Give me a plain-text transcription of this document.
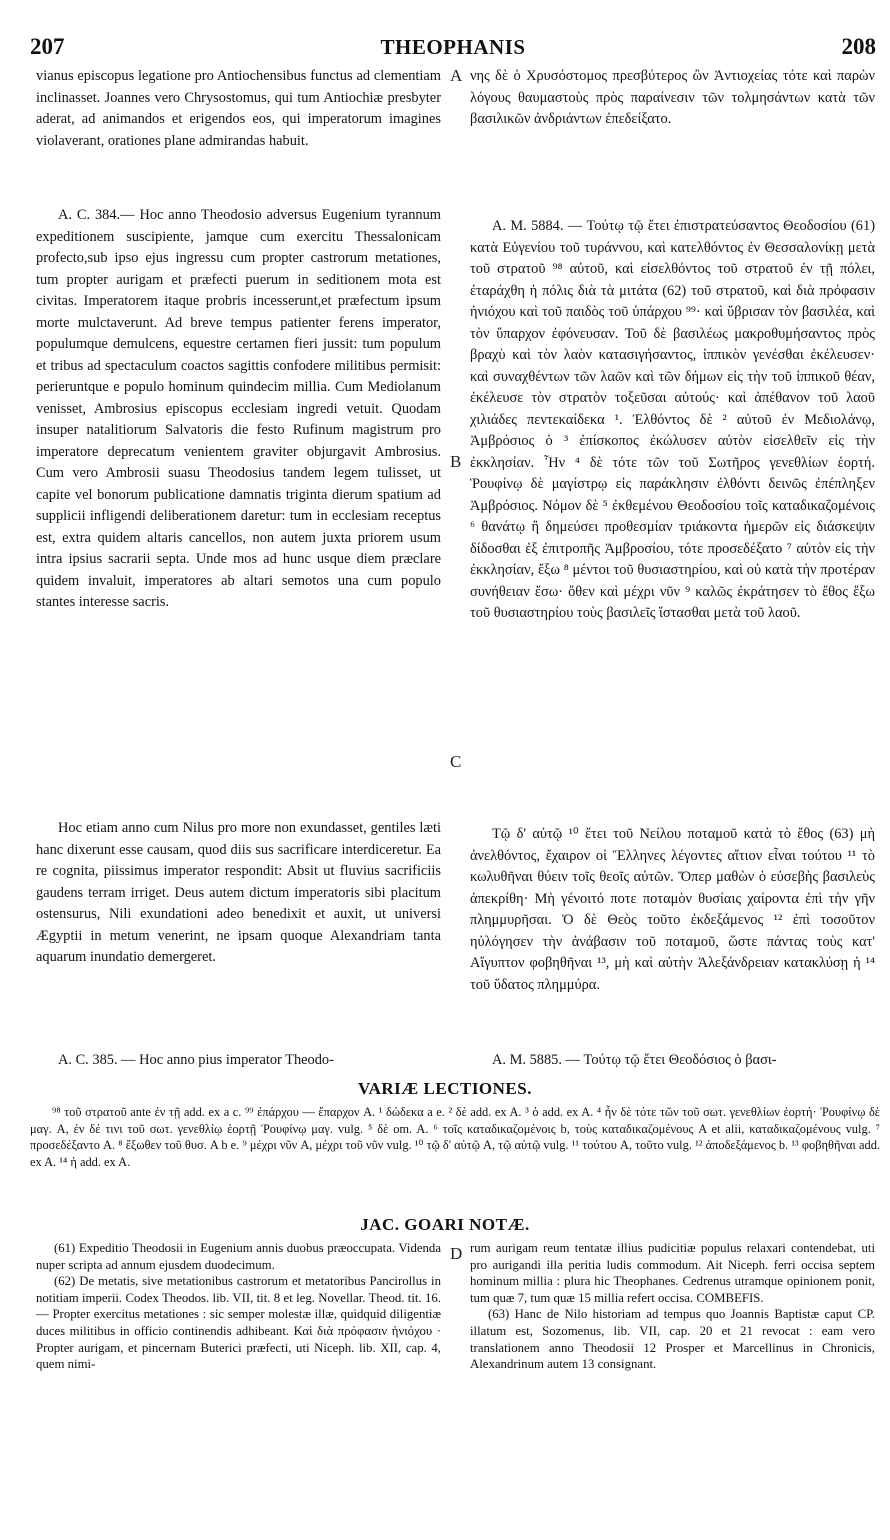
207	THEOPHANIS	208

vianus episcopus legatione pro Antiochensibus functus ad clementiam inclinasset. Joannes vero Chrysostomus, qui tum Antiochiæ presbyter aderat, ad animandos et erigendos eos, qui imperatorum imagines violaverant, orationes plane admirandas habuit.

A. C. 384.— Hoc anno Theodosio adversus Eugenium tyrannum expeditionem suscipiente, jamque cum exercitu Thessalonicam profecto,sub ipso ejus ingressu cum propter castrorum metationes, tum propter aurigam et præfecti puerum in seditionem mota est civitas. Imperatorem itaque probris incesserunt,et præfectum ipsum morte mulctaverunt. Ad breve tempus patienter ferens imperator, populumque demulcens, equestre certamen fieri jussit: tum populum et tribus ad spectaculum coactos sagittis confodere militibus permisit: perieruntque e populo hominum quindecim millia. Cum Mediolanum venisset, Ambrosius episcopus ecclesiam ingredi vetuit. Quodam insuper natalitiorum Salvatoris die festo Rufinum magistrum pro imperatore deprecatum venientem graviter objurgavit Ambrosius. Cum vero Ambrosii suasu Theodosius tandem legem tulisset, ut capite vel bonorum publicatione damnatis triginta dierum spatium ad supplicii infligendi deliberationem daretur: tum in ecclesiam receptus est, extra quidem altaris cancellos, non autem juxta priorem usum intra ipsius sacrarii septa. Unde mos ad hunc usque diem præclare quidem invaluit, imperatores ab altari semotos una cum populo stantes interesse sacris.

Hoc etiam anno cum Nilus pro more non exundasset, gentiles læti hanc dixerunt esse causam, quod diis sus sacrificare interdiceretur. Ea re cognita, piissimus imperator respondit: Absit ut fluvius sacrificiis gaudens terram irriget. Deus autem dictum imperatoris sibi placitum ostensurus, Nili exundationi adeo benedixit et auxit, ut universi Ægyptii in metum venerint, ne ipsam quoque Alexandriam tanta aquarum inundatio demergeret.

A. C. 385. — Hoc anno pius imperator Theodo-

A
B
C
D

νης δὲ ὁ Χρυσόστομος πρεσβύτερος ὢν Ἀντιοχείας τότε καὶ παρὼν λόγους θαυμαστοὺς πρὸς παραίνεσιν τῶν τολμησάντων κατὰ τῶν βασιλικῶν ἀνδριάντων ἐπεδείξατο.

A. M. 5884. — Τούτῳ τῷ ἔτει ἐπιστρατεύσαντος Θεοδοσίου (61) κατὰ Εὐγενίου τοῦ τυράννου, καὶ κατελθόντος ἐν Θεσσαλονίκῃ μετὰ τοῦ στρατοῦ ⁹⁸ αὐτοῦ, καὶ εἰσελθόντος τοῦ στρατοῦ ἐν τῇ πόλει, ἐταράχθη ἡ πόλις διὰ τὰ μιτάτα (62) τοῦ στρατοῦ, καὶ διὰ πρόφασιν ἡνιόχου καὶ τοῦ παιδὸς τοῦ ὑπάρχου ⁹⁹· καὶ ὕβρισαν τὸν βασιλέα, καὶ τὸν ὕπαρχον ἐφόνευσαν. Τοῦ δὲ βασιλέως μακροθυμήσαντος πρὸς βραχὺ καὶ τὸν λαὸν κατασιγήσαντος, ἱππικὸν γενέσθαι ἐκέλευσεν· καὶ συναχθέντων τῶν λαῶν καὶ τῶν δήμων εἰς τὴν τοῦ ἱππικοῦ θέαν, ἐκέλευσε τὸν στρατὸν τοξεῦσαι αὐτούς· καὶ ἀπέθανον τοῦ λαοῦ χιλιάδες πεντεκαίδεκα ¹. Ἐλθόντος δὲ ² αὐτοῦ ἐν Μεδιολάνῳ, Ἀμβρόσιος ὁ ³ ἐπίσκοπος ἐκώλυσεν αὐτὸν εἰσελθεῖν εἰς τὴν ἐκκλησίαν. Ἦν ⁴ δὲ τότε τῶν τοῦ Σωτῆρος γενεθλίων ἑορτή. Ῥουφίνῳ δὲ μαγίστρῳ εἰς παράκλησιν ἐλθόντι δεινῶς ἐπέπληξεν Ἀμβρόσιος. Νόμον δὲ ⁵ ἐκθεμένου Θεοδοσίου τοῖς καταδικαζομένοις ⁶ θανάτῳ ἢ δημεύσει προθεσμίαν τριάκοντα ἡμερῶν εἰς διάσκεψιν δίδοσθαι ἐξ ἐπιτροπῆς Ἀμβροσίου, τότε προσεδέξατο ⁷ αὐτὸν εἰς τὴν ἐκκλησίαν, ἔξω ⁸ μέντοι τοῦ θυσιαστηρίου, καὶ οὐ κατὰ τὴν προτέραν συνήθειαν ἔσω· ὅθεν καὶ μέχρι νῦν ⁹ καλῶς ἐκράτησεν τὸ ἔθος ἔξω τοῦ θυσιαστηρίου τοὺς βασιλεῖς ἵστασθαι μετὰ τοῦ λαοῦ.

Τῷ δ' αὐτῷ ¹⁰ ἔτει τοῦ Νείλου ποταμοῦ κατὰ τὸ ἔθος (63) μὴ ἀνελθόντος, ἔχαιρον οἱ Ἕλληνες λέγοντες αἴτιον εἶναι τούτου ¹¹ τὸ κωλυθῆναι θύειν τοῖς θεοῖς αὐτῶν. Ὅπερ μαθὼν ὁ εὐσεβὴς βασιλεὺς ἀπεκρίθη· Μὴ γένοιτό ποτε ποταμὸν θυσίαις χαίροντα ἐπὶ τὴν γῆν πλημμυρῆσαι. Ὁ δὲ Θεὸς τοῦτο ἐκδεξάμενος ¹² ἐπὶ τοσοῦτον ηὐλόγησεν τὴν ἀνάβασιν τοῦ ποταμοῦ, ὥστε πάντας τοὺς κατ' Αἴγυπτον φοβηθῆναι ¹³, μὴ καὶ αὐτὴν Ἀλεξάνδρειαν κατακλύσῃ ἡ ¹⁴ τοῦ ὕδατος πλημμύρα.

A. M. 5885. — Τούτῳ τῷ ἔτει Θεοδόσιος ὁ βασι-

VARIÆ LECTIONES.

⁹⁸ τοῦ στρατοῦ ante ἐν τῇ add. ex a c. ⁹⁹ ἐπάρχου — ἔπαρχον A. ¹ δώδεκα a e. ² δὲ add. ex A. ³ ὁ add. ex A. ⁴ ἦν δὲ τότε τῶν τοῦ σωτ. γενεθλίων ἑορτή· Ῥουφίνῳ δὲ μαγ. A, ἐν δέ τινι τοῦ σωτ. γενεθλίῳ ἑορτῇ Ῥουφίνῳ μαγ. vulg. ⁵ δὲ om. A. ⁶ τοῖς καταδικαζομένοις b, τοὺς καταδικαζομένους A et alii, καταδικαζομένους vulg. ⁷ προσεδέξαντο A. ⁸ ἔξωθεν τοῦ θυσ. A b e. ⁹ μέχρι νῦν A, μέχρι τοῦ νῦν vulg. ¹⁰ τῷ δ' αὐτῷ A, τῷ αὐτῷ vulg. ¹¹ τούτου A, τοῦτο vulg. ¹² ἀποδεξάμενος b. ¹³ φοβηθῆναι add. ex A. ¹⁴ ἡ add. ex A.

JAC. GOARI NOTÆ.

(61) Expeditio Theodosii in Eugenium annis duobus præoccupata. Videnda nuper scripta ad annum ejusdem duodecimum.

(62) De metatis, sive metationibus castrorum et metatoribus Pancirollus in notitiam imperii. Codex Theodos. lib. VII, tit. 8 et leg. Novellar. Theod. tit. 16. — Propter exercitus metationes : sic semper molestæ illæ, quidquid diligentiæ duces militibus in officio continendis adhibeant. Καὶ διὰ πρόφασιν ἡνιόχου · Propter aurigam, et pincernam Buterici præfecti, uti Niceph. lib. XII, cap. 4, quem nimi-

rum aurigam reum tentatæ illius pudicitiæ populus relaxari contendebat, uti pro aurigandi illa peritia ludis commodum. Ait Niceph. ferri occisa septem hominum millia : plura hic Theophanes. Cedrenus utramque opinionem ponit, tum quæ 7, tum quæ 15 millia refert occisa. COMBEFIS.

(63) Hanc de Nilo historiam ad tempus quo Joannis Baptistæ caput CP. illatum est, Sozomenus, lib. VII, cap. 20 et 21 revocat : eam vero translationem anno Theodosii 12 Prosper et Marcellinus in Chronicis, Alexandrinum autem 13 consignant.
